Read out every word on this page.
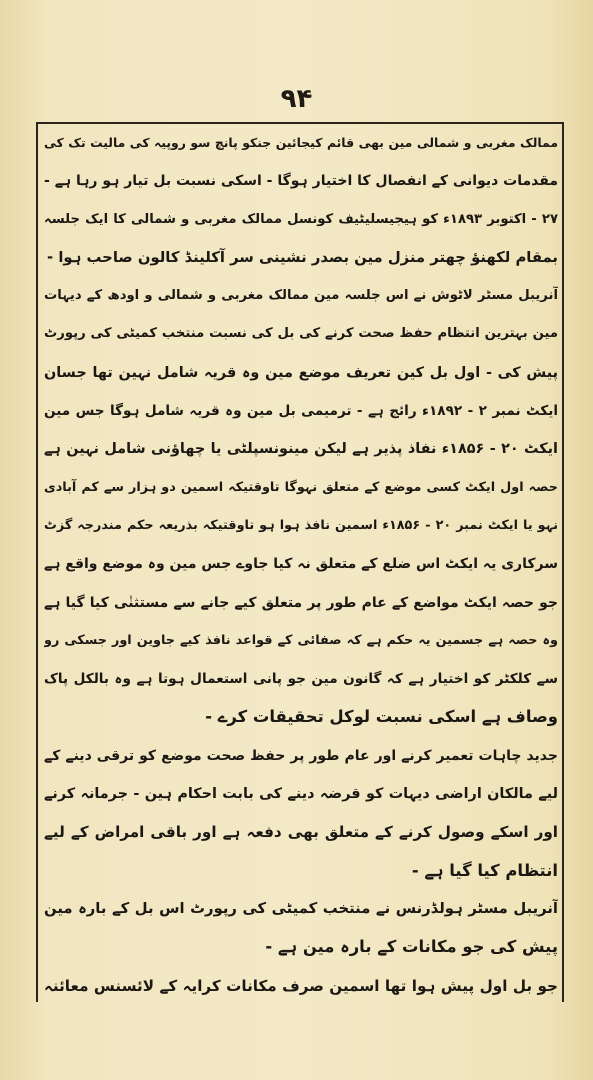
۹۴
ممالک مغربی و شمالی مین بھی قائم کیجائین جنکو پانچ سو روپیہ کی مالیت تک کی
مقدمات دیوانی کے انفصال کا اختیار ہوگا - اسکی نسبت بل تیار ہو رہا ہے -
۲۷ - اکتوبر ۱۸۹۳ء کو ہیجیسلیٹیف کونسل ممالک مغربی و شمالی کا ایک جلسہ
بمقام لکھنؤ چھتر منزل مین بصدر نشینی سر آکلینڈ کالون صاحب ہوا -
آنریبل مسٹر لاٹوش نے اس جلسہ مین ممالک مغربی و شمالی و اودھ کے دیہات
مین بہترین انتظام حفظ صحت کرنے کی بل کی نسبت منتخب کمیٹی کی رپورٹ
پیش کی - اول بل کین تعریف موضع مین وہ قریہ شامل نہین تھا جسان
ایکٹ نمبر ۲ - ۱۸۹۲ء رائج ہے - ترمیمی بل مین وہ قریہ شامل ہوگا جس مین
ایکٹ ۲۰ - ۱۸۵۶ء نفاذ پذیر ہے لیکن مینونسپلٹی یا چھاؤنی شامل نہین ہے
حصہ اول ایکٹ کسی موضع کے متعلق نہوگا تاوقتیکہ اسمین دو ہزار سے کم آبادی
نہو یا ایکٹ نمبر ۲۰ - ۱۸۵۶ء اسمین نافذ ہوا ہو تاوقتیکہ بذریعہ حکم مندرجہ گزٹ
سرکاری یہ ایکٹ اس ضلع کے متعلق نہ کیا جاوے جس مین وہ موضع واقع ہے
جو حصہ ایکٹ مواضع کے عام طور پر متعلق کیے جانے سے مستثنٰی کیا گیا ہے
وہ حصہ ہے جسمین یہ حکم ہے کہ صفائی کے قواعد نافذ کیے جاوین اور جسکی رو
سے کلکٹر کو اختیار ہے کہ گانون مین جو پانی استعمال ہوتا ہے وہ بالکل پاک
وصاف ہے اسکی نسبت لوکل تحقیقات کرے -
جدید چاہات تعمیر کرنے اور عام طور پر حفظ صحت موضع کو ترقی دینے کے
لیے مالکان اراضی دیہات کو قرضہ دینے کی بابت احکام ہین - جرمانہ کرنے
اور اسکے وصول کرنے کے متعلق بھی دفعہ ہے اور باقی امراض کے لیے
انتظام کیا گیا ہے -
آنریبل مسٹر ہولڈرنس نے منتخب کمیٹی کی رپورٹ اس بل کے بارہ مین
پیش کی جو مکانات کے بارہ مین ہے -
جو بل اول پیش ہوا تھا اسمین صرف مکانات کرایہ کے لائسنس معائنہ
